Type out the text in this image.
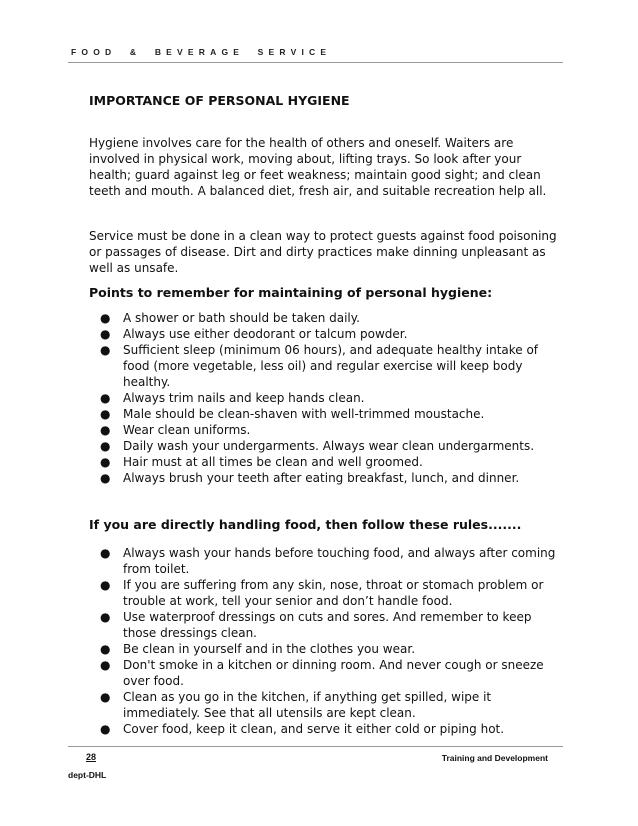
FOOD & BEVERAGE SERVICE
IMPORTANCE OF PERSONAL HYGIENE

Hygiene involves care for the health of others and oneself. Waiters are involved in physical work, moving about, lifting trays. So look after your health; guard against leg or feet weakness; maintain good sight; and clean teeth and mouth. A balanced diet, fresh air, and suitable recreation help all.

Service must be done in a clean way to protect guests against food poisoning or passages of disease. Dirt and dirty practices make dinning unpleasant as well as unsafe.

Points to remember for maintaining of personal hygiene:
● A shower or bath should be taken daily.
● Always use either deodorant or talcum powder.
● Sufficient sleep (minimum 06 hours), and adequate healthy intake of food (more vegetable, less oil) and regular exercise will keep body healthy.
● Always trim nails and keep hands clean.
● Male should be clean-shaven with well-trimmed moustache.
● Wear clean uniforms.
● Daily wash your undergarments. Always wear clean undergarments.
● Hair must at all times be clean and well groomed.
● Always brush your teeth after eating breakfast, lunch, and dinner.
If you are directly handling food, then follow these rules.......
● Always wash your hands before touching food, and always after coming from toilet.
● If you are suffering from any skin, nose, throat or stomach problem or trouble at work, tell your senior and don’t handle food.
● Use waterproof dressings on cuts and sores. And remember to keep those dressings clean.
● Be clean in yourself and in the clothes you wear.
● Don't smoke in a kitchen or dinning room. And never cough or sneeze over food.
● Clean as you go in the kitchen, if anything get spilled, wipe it immediately. See that all utensils are kept clean.
● Cover food, keep it clean, and serve it either cold or piping hot.
28	Training and Development
dept-DHL
